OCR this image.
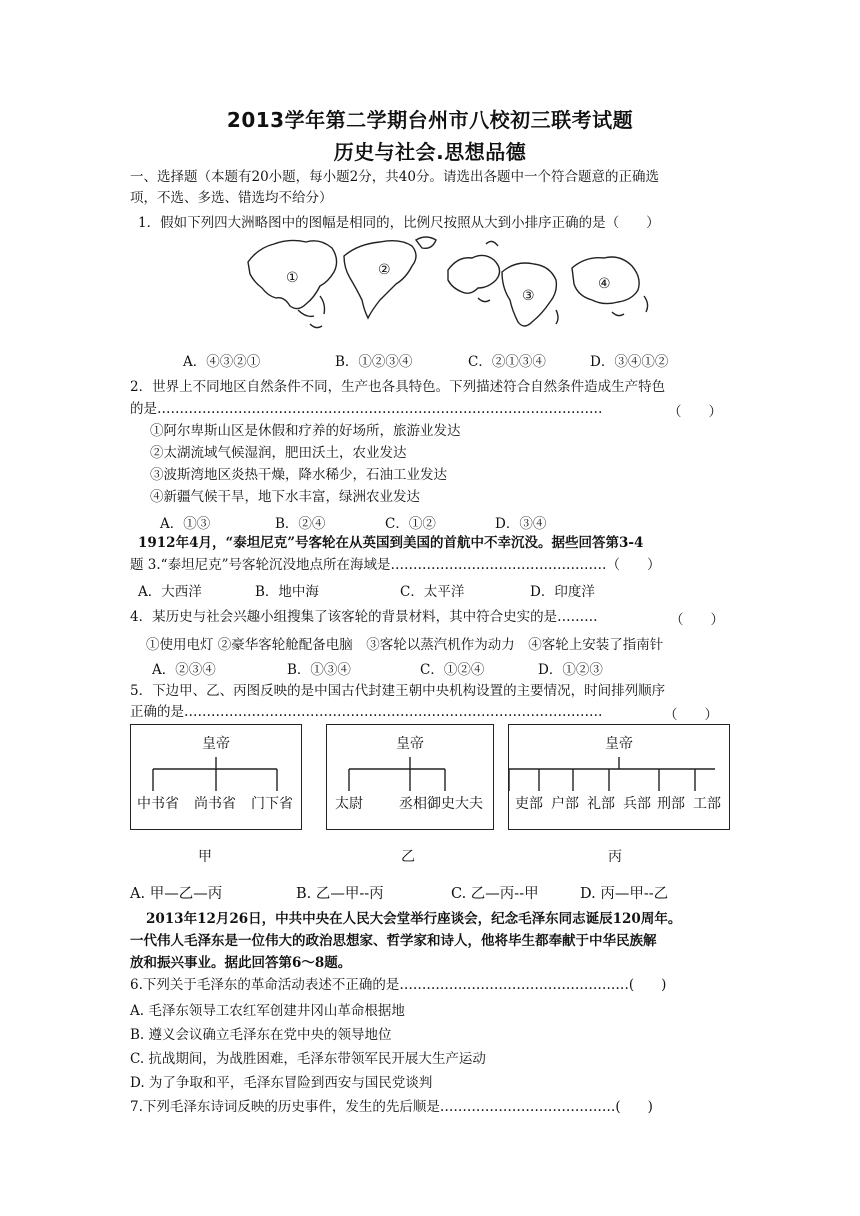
2013学年第二学期台州市八校初三联考试题
历史与社会.思想品德
一、选择题（本题有20小题，每小题2分，共40分。请选出各题中一个符合题意的正确选
项，不选、多选、错选均不给分）
1．假如下列四大洲略图中的图幅是相同的，比例尺按照从大到小排序正确的是（　　）
①	②
③
④
A．④③②①	B．①②③④	C．②①③④	D．③④①②
2．世界上不同地区自然条件不同，生产也各具特色。下列描述符合自然条件造成生产特色
的是………………………………………………………………………………………	（　　）
①阿尔卑斯山区是休假和疗养的好场所，旅游业发达
②太湖流域气候湿润，肥田沃土，农业发达
③波斯湾地区炎热干燥，降水稀少，石油工业发达
④新疆气候干旱，地下水丰富，绿洲农业发达
A．①③	B．②④	C．①②	D．③④
1912年4月，“泰坦尼克”号客轮在从英国到美国的首航中不幸沉没。据些回答第3-4
题 3.“泰坦尼克”号客轮沉没地点所在海域是…………………………………………（　　）
A．大西洋	B．地中海	C．太平洋	D．印度洋
4．某历史与社会兴趣小组搜集了该客轮的背景材料，其中符合史实的是………	（　　）
①使用电灯 ②豪华客轮舱配备电脑　③客轮以蒸汽机作为动力　④客轮上安装了指南针
A．②③④	B．①③④	C．①②④	D．①②③
5．下边甲、乙、丙图反映的是中国古代封建王朝中央机构设置的主要情况，时间排列顺序
正确的是…………………………………………………………………………………	（　　）
皇帝
中书省 尚书省 门下省
甲
皇帝
太尉	丞相 御史大夫
乙
皇帝
吏部 户部 礼部 兵部 刑部 工部
丙
A. 甲—乙—丙	B. 乙—甲--丙	C. 乙—丙--甲	D. 丙—甲--乙
2013年12月26日，中共中央在人民大会堂举行座谈会，纪念毛泽东同志诞辰120周年。
一代伟人毛泽东是一位伟大的政治思想家、哲学家和诗人，他将毕生都奉献于中华民族解
放和振兴事业。据此回答第6～8题。
6.下列关于毛泽东的革命活动表述不正确的是……………………………………………(　　)
A. 毛泽东领导工农红军创建井冈山革命根据地
B. 遵义会议确立毛泽东在党中央的领导地位
C. 抗战期间，为战胜困难，毛泽东带领军民开展大生产运动
D. 为了争取和平，毛泽东冒险到西安与国民党谈判
7.下列毛泽东诗词反映的历史事件，发生的先后顺是…………………………………(　　)
